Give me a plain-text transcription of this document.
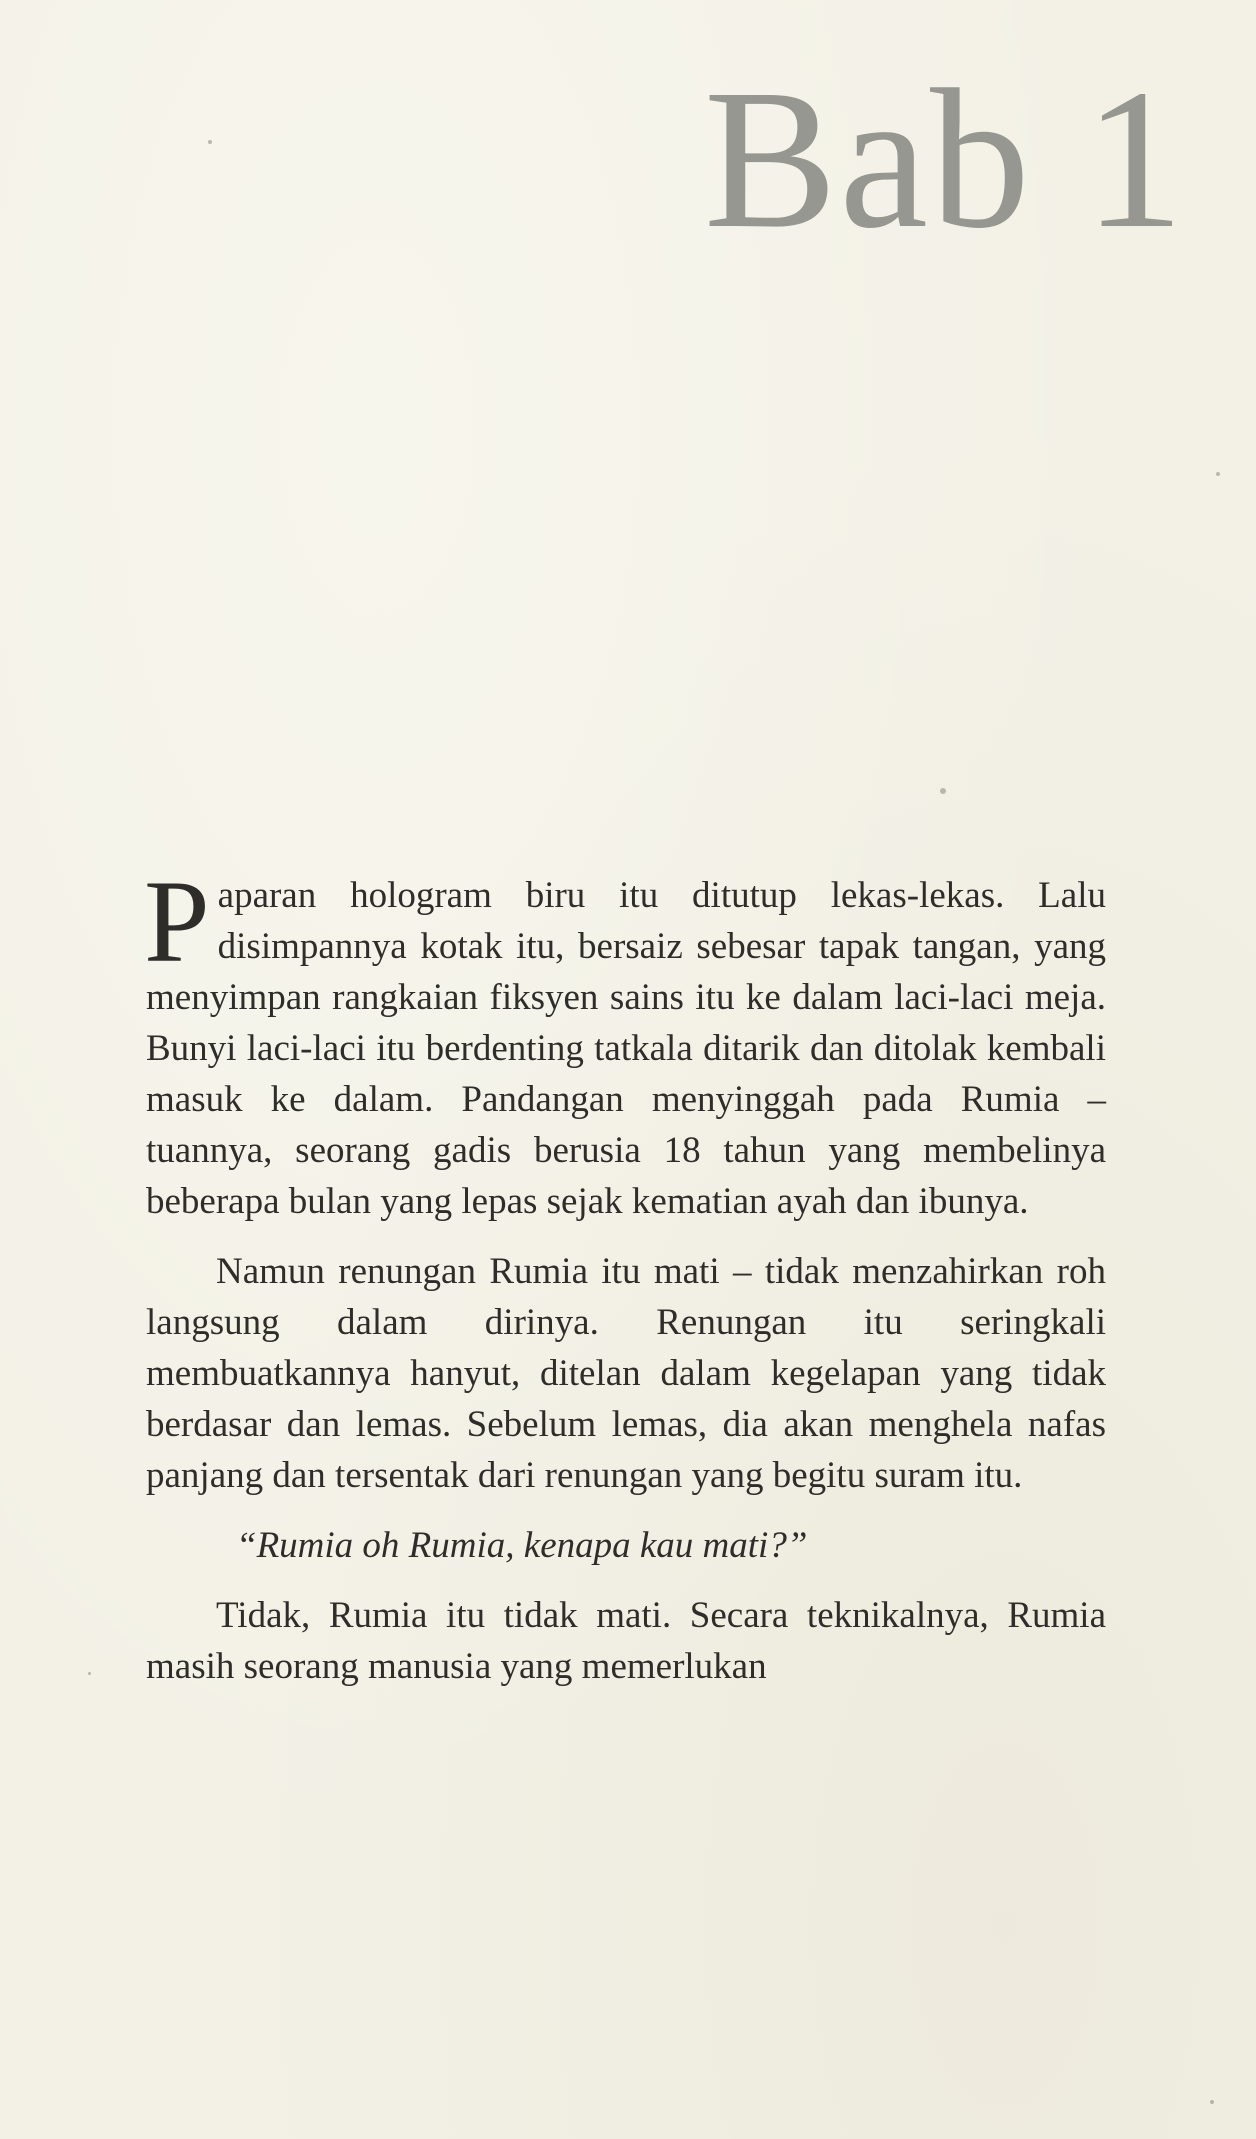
Bab 1

Paparan hologram biru itu ditutup lekas-lekas. Lalu disimpannya kotak itu, bersaiz sebesar tapak tangan, yang menyimpan rangkaian fiksyen sains itu ke dalam laci-laci meja. Bunyi laci-laci itu berdenting tatkala ditarik dan ditolak kembali masuk ke dalam. Pandangan menyinggah pada Rumia – tuannya, seorang gadis berusia 18 tahun yang membelinya beberapa bulan yang lepas sejak kematian ayah dan ibunya.

Namun renungan Rumia itu mati – tidak menzahirkan roh langsung dalam dirinya. Renungan itu seringkali membuatkannya hanyut, ditelan dalam kegelapan yang tidak berdasar dan lemas. Sebelum lemas, dia akan menghela nafas panjang dan tersentak dari renungan yang begitu suram itu.

“Rumia oh Rumia, kenapa kau mati?”

Tidak, Rumia itu tidak mati. Secara teknikalnya, Rumia masih seorang manusia yang memerlukan
